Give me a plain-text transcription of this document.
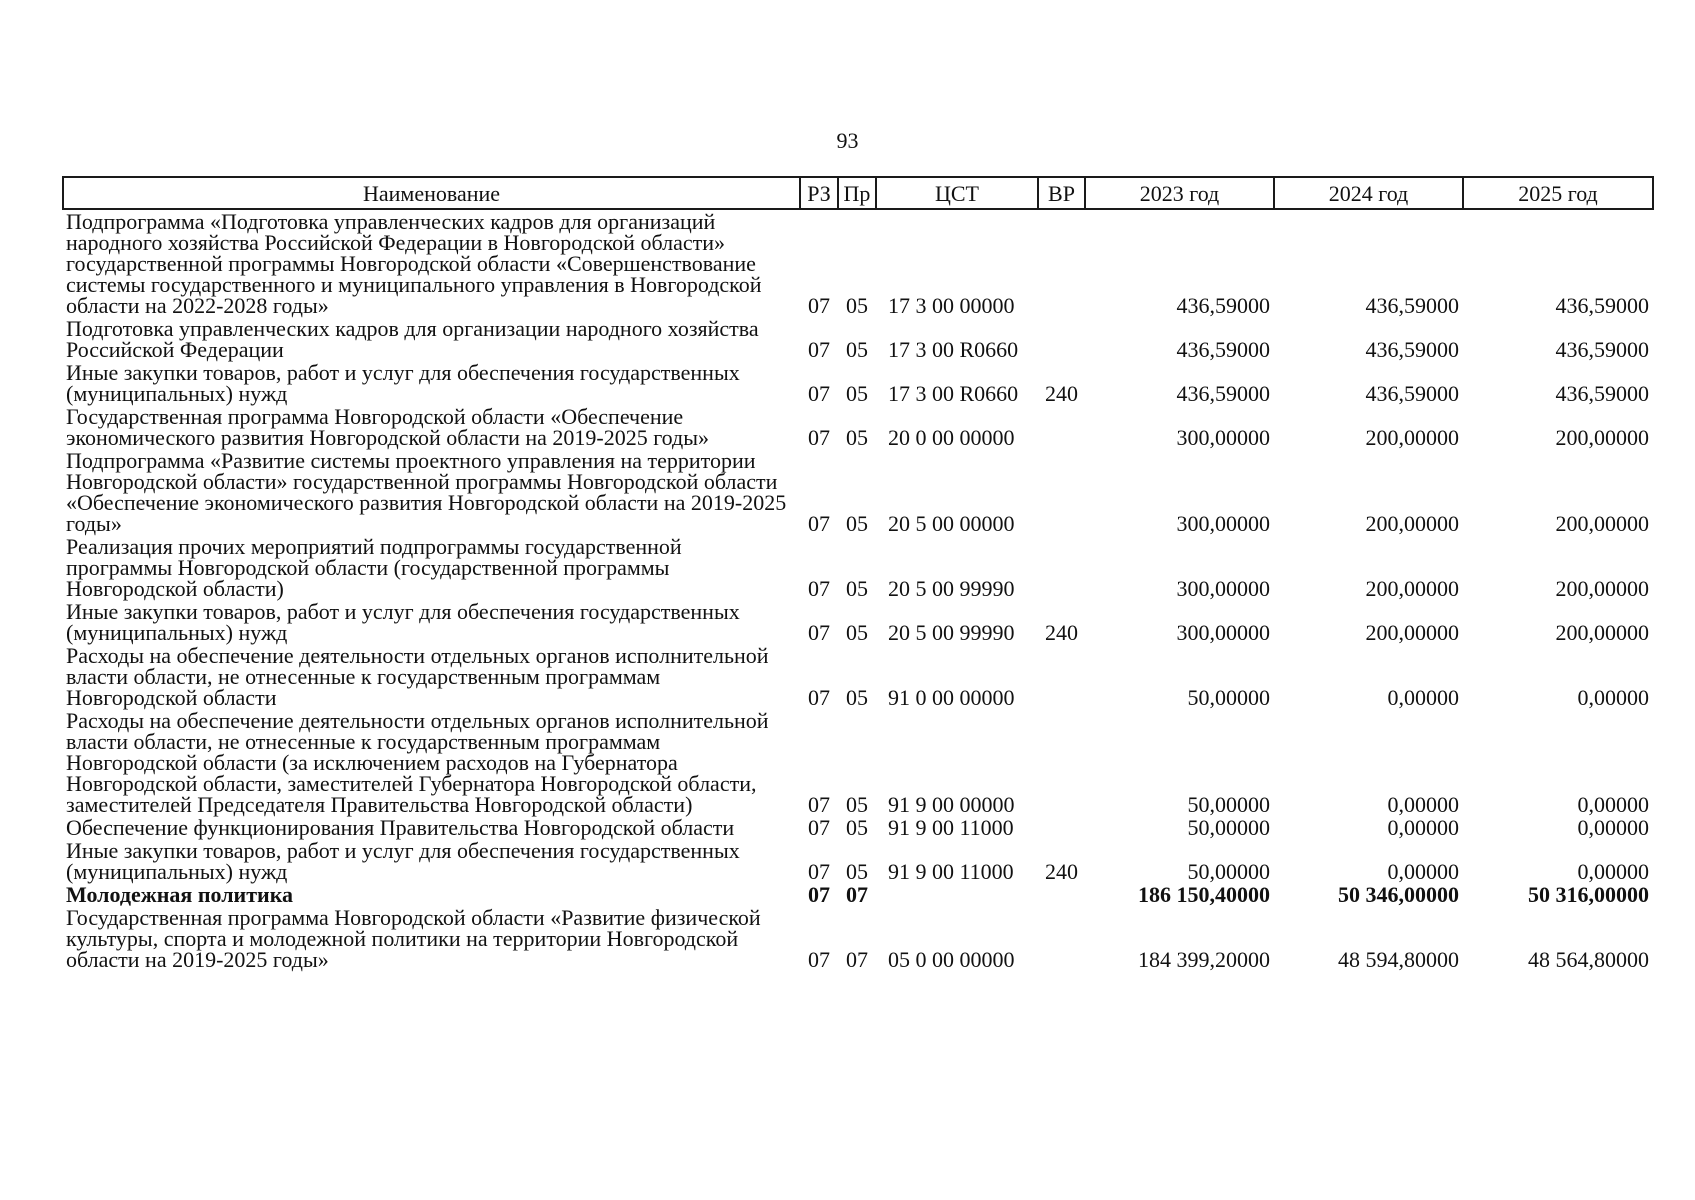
93
Наименование	РЗ	Пр	ЦСТ	ВР	2023 год	2024 год	2025 год
Подпрограмма «Подготовка управленческих кадров для организаций народного хозяйства Российской Федерации в Новгородской области» государственной программы Новгородской области «Совершенствование системы государственного и муниципального управления в Новгородской области на 2022-2028 годы»	07	05	17 3 00 00000		436,59000	436,59000	436,59000
Подготовка управленческих кадров для организации народного хозяйства Российской Федерации	07	05	17 3 00 R0660		436,59000	436,59000	436,59000
Иные закупки товаров, работ и услуг для обеспечения государственных (муниципальных) нужд	07	05	17 3 00 R0660	240	436,59000	436,59000	436,59000
Государственная программа Новгородской области «Обеспечение экономического развития Новгородской области на 2019-2025 годы»	07	05	20 0 00 00000		300,00000	200,00000	200,00000
Подпрограмма «Развитие системы проектного управления на территории Новгородской области» государственной программы Новгородской области «Обеспечение экономического развития Новгородской области на 2019-2025 годы»	07	05	20 5 00 00000		300,00000	200,00000	200,00000
Реализация прочих мероприятий подпрограммы государственной программы Новгородской области (государственной программы Новгородской области)	07	05	20 5 00 99990		300,00000	200,00000	200,00000
Иные закупки товаров, работ и услуг для обеспечения государственных (муниципальных) нужд	07	05	20 5 00 99990	240	300,00000	200,00000	200,00000
Расходы на обеспечение деятельности отдельных органов исполнительной власти области, не отнесенные к государственным программам Новгородской области	07	05	91 0 00 00000		50,00000	0,00000	0,00000
Расходы на обеспечение деятельности отдельных органов исполнительной власти области, не отнесенные к государственным программам Новгородской области (за исключением расходов на Губернатора Новгородской области, заместителей Губернатора Новгородской области, заместителей Председателя Правительства Новгородской области)	07	05	91 9 00 00000		50,00000	0,00000	0,00000
Обеспечение функционирования Правительства Новгородской области	07	05	91 9 00 11000		50,00000	0,00000	0,00000
Иные закупки товаров, работ и услуг для обеспечения государственных (муниципальных) нужд	07	05	91 9 00 11000	240	50,00000	0,00000	0,00000
Молодежная политика	07	07			186 150,40000	50 346,00000	50 316,00000
Государственная программа Новгородской области «Развитие физической культуры, спорта и молодежной политики на территории Новгородской области на 2019-2025 годы»	07	07	05 0 00 00000		184 399,20000	48 594,80000	48 564,80000
